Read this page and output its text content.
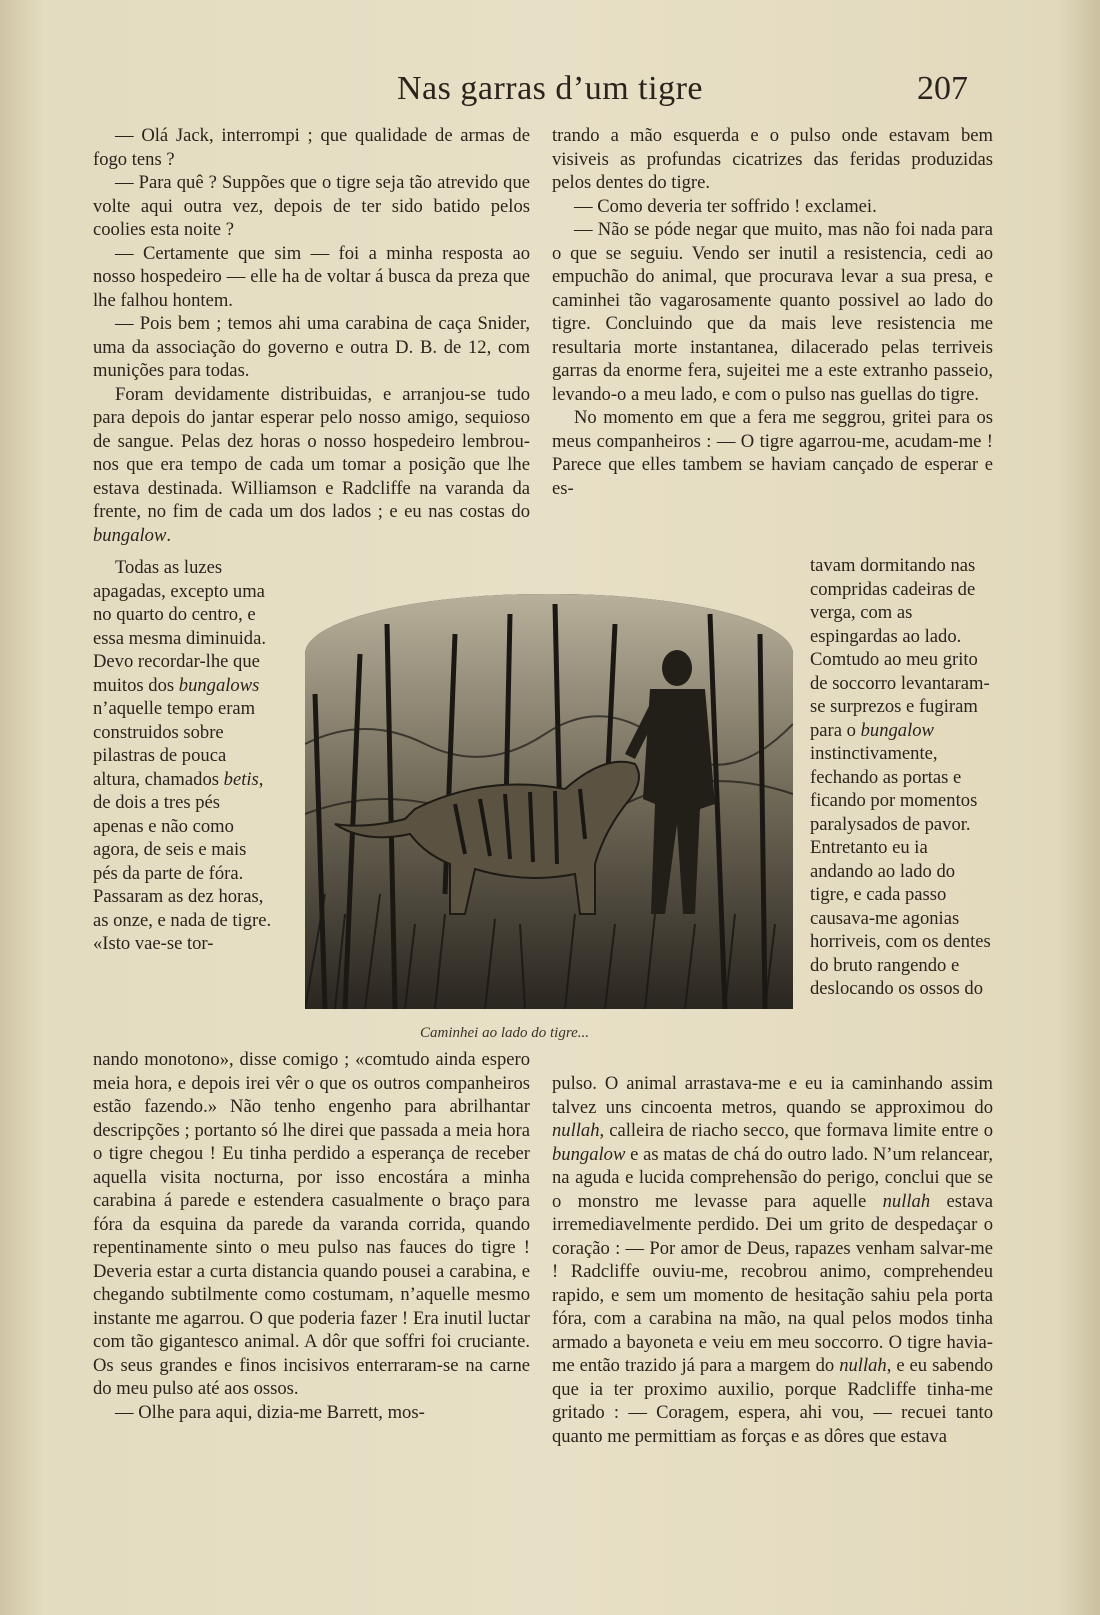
Nas garras d’um tigre	207

— Olá Jack, interrompi ; que qualidade de armas de fogo tens ?

— Para quê ? Suppões que o tigre seja tão atrevido que volte aqui outra vez, depois de ter sido batido pelos coolies esta noite ?

— Certamente que sim — foi a minha resposta ao nosso hospedeiro — elle ha de voltar á busca da preza que lhe falhou hontem.

— Pois bem ; temos ahi uma carabina de caça Snider, uma da associação do governo e outra D. B. de 12, com munições para todas.

Foram devidamente distribuidas, e arranjou-se tudo para depois do jantar esperar pelo nosso amigo, sequioso de sangue. Pelas dez horas o nosso hospedeiro lembrou-nos que era tempo de cada um tomar a posição que lhe estava destinada. Williamson e Radcliffe na varanda da frente, no fim de cada um dos lados ; e eu nas costas do bungalow.

Todas as luzes apagadas, excepto uma no quarto do centro, e essa mesma diminuida. Devo recordar-lhe que muitos dos bungalows n’aquelle tempo eram construidos sobre pilastras de pouca altura, chamados betis, de dois a tres pés apenas e não como agora, de seis e mais pés da parte de fóra. Passaram as dez horas, as onze, e nada de tigre. «Isto vae-se tor-

Caminhei ao lado do tigre...

nando monotono», disse comigo ; «comtudo ainda espero meia hora, e depois irei vêr o que os outros companheiros estão fazendo.» Não tenho engenho para abrilhantar descripções ; portanto só lhe direi que passada a meia hora o tigre chegou ! Eu tinha perdido a esperança de receber aquella visita nocturna, por isso encostára a minha carabina á parede e estendera casualmente o braço para fóra da esquina da parede da varanda corrida, quando repentinamente sinto o meu pulso nas fauces do tigre ! Deveria estar a curta distancia quando pousei a carabina, e chegando subtilmente como costumam, n’aquelle mesmo instante me agarrou. O que poderia fazer ! Era inutil luctar com tão gigantesco animal. A dôr que soffri foi cruciante. Os seus grandes e finos incisivos enterraram-se na carne do meu pulso até aos ossos.

— Olhe para aqui, dizia-me Barrett, mos-

trando a mão esquerda e o pulso onde estavam bem visiveis as profundas cicatrizes das feridas produzidas pelos dentes do tigre.

— Como deveria ter soffrido ! exclamei.

— Não se póde negar que muito, mas não foi nada para o que se seguiu. Vendo ser inutil a resistencia, cedi ao empuchão do animal, que procurava levar a sua presa, e caminhei tão vagarosamente quanto possivel ao lado do tigre. Concluindo que da mais leve resistencia me resultaria morte instantanea, dilacerado pelas terriveis garras da enorme fera, sujeitei me a este extranho passeio, levando-o a meu lado, e com o pulso nas guellas do tigre.

No momento em que a fera me seggrou, gritei para os meus companheiros : — O tigre agarrou-me, acudam-me ! Parece que elles tambem se haviam cançado de esperar e es-

tavam dormitando nas compridas cadeiras de verga, com as espingardas ao lado. Comtudo ao meu grito de soccorro levantaram-se surprezos e fugiram para o bungalow instinctivamente, fechando as portas e ficando por momentos paralysados de pavor. Entretanto eu ia andando ao lado do tigre, e cada passo causava-me agonias horriveis, com os dentes do bruto rangendo e deslocando os ossos do

pulso. O animal arrastava-me e eu ia caminhando assim talvez uns cincoenta metros, quando se approximou do nullah, calleira de riacho secco, que formava limite entre o bungalow e as matas de chá do outro lado. N’um relancear, na aguda e lucida comprehensão do perigo, conclui que se o monstro me levasse para aquelle nullah estava irremediavelmente perdido. Dei um grito de despedaçar o coração : — Por amor de Deus, rapazes venham salvar-me ! Radcliffe ouviu-me, recobrou animo, comprehendeu rapido, e sem um momento de hesitação sahiu pela porta fóra, com a carabina na mão, na qual pelos modos tinha armado a bayoneta e veiu em meu soccorro. O tigre havia-me então trazido já para a margem do nullah, e eu sabendo que ia ter proximo auxilio, porque Radcliffe tinha-me gritado : — Coragem, espera, ahi vou, — recuei tanto quanto me permittiam as forças e as dôres que estava
